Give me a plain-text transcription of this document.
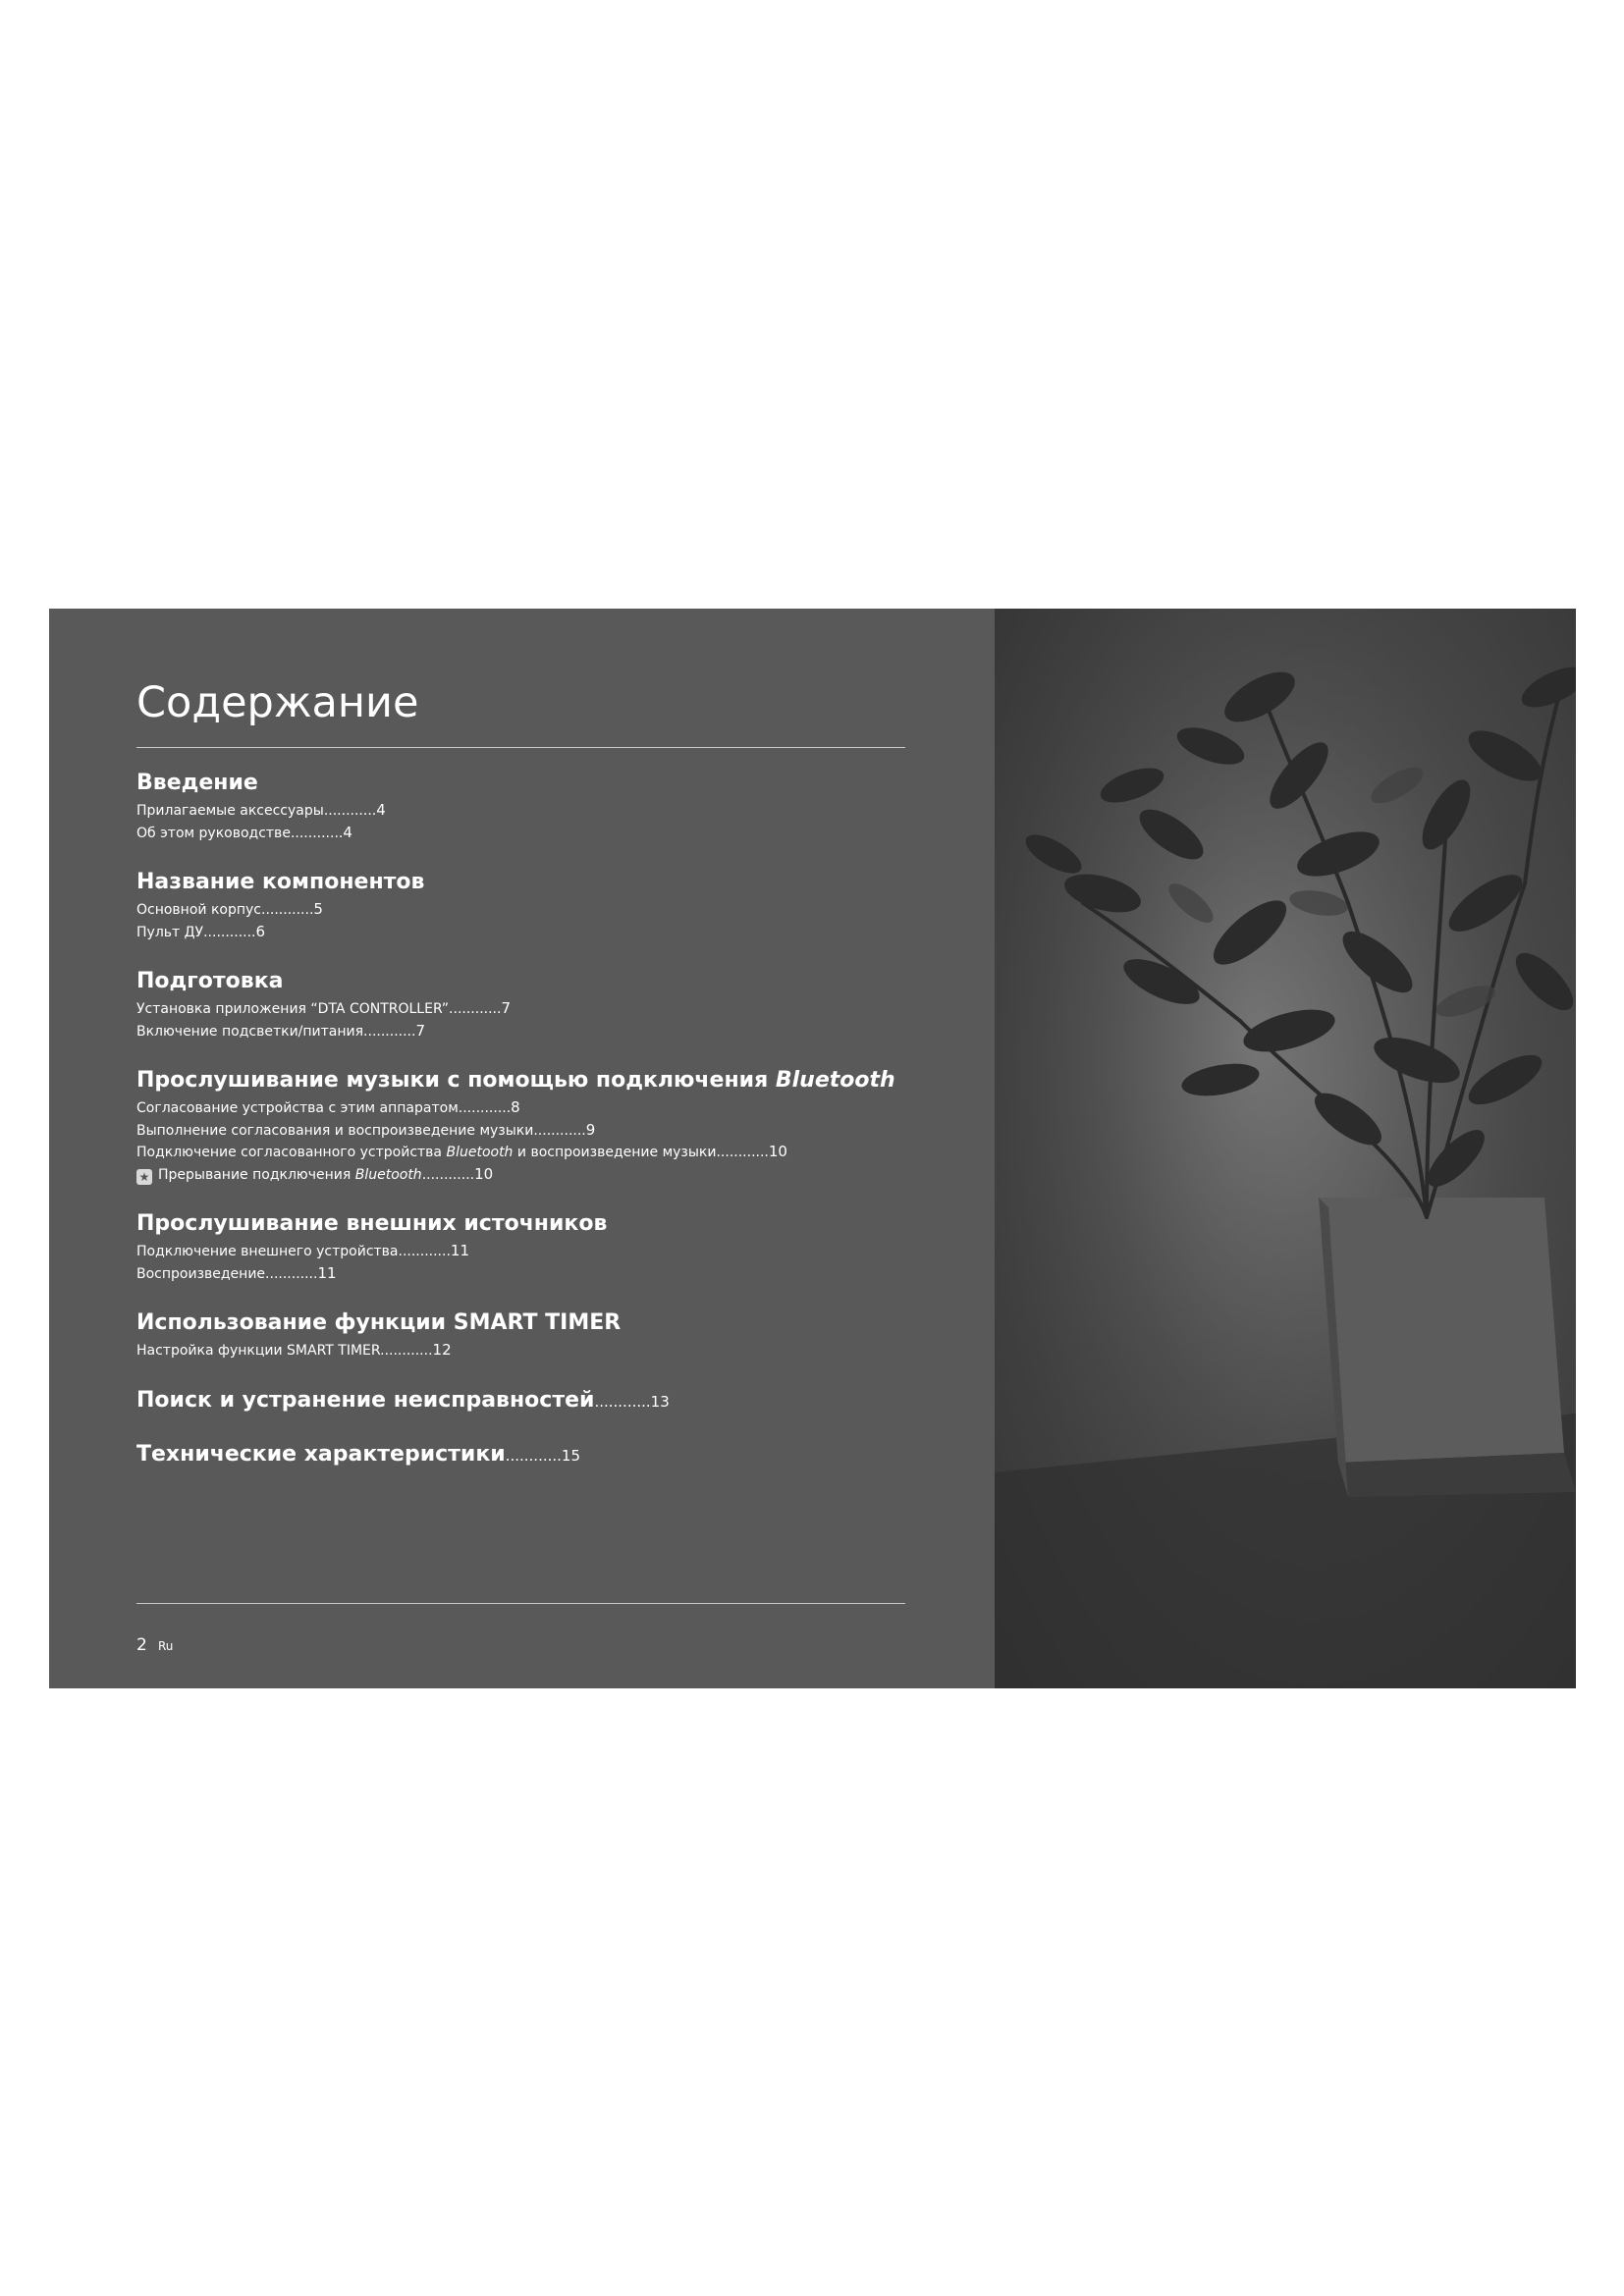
Содержание
Введение
Прилагаемые аксессуары............4
Об этом руководстве............4
Название компонентов
Основной корпус............5
Пульт ДУ............6
Подготовка
Установка приложения “DTA CONTROLLER”............7
Включение подсветки/питания............7
Прослушивание музыки с помощью подключения Bluetooth
Согласование устройства с этим аппаратом............8
Выполнение согласования и воспроизведение музыки............9
Подключение согласованного устройства Bluetooth и воспроизведение музыки............10
★ Прерывание подключения Bluetooth............10
Прослушивание внешних источников
Подключение внешнего устройства............11
Воспроизведение............11
Использование функции SMART TIMER
Настройка функции SMART TIMER............12
Поиск и устранение неисправностей............13
Технические характеристики............15
2 Ru
